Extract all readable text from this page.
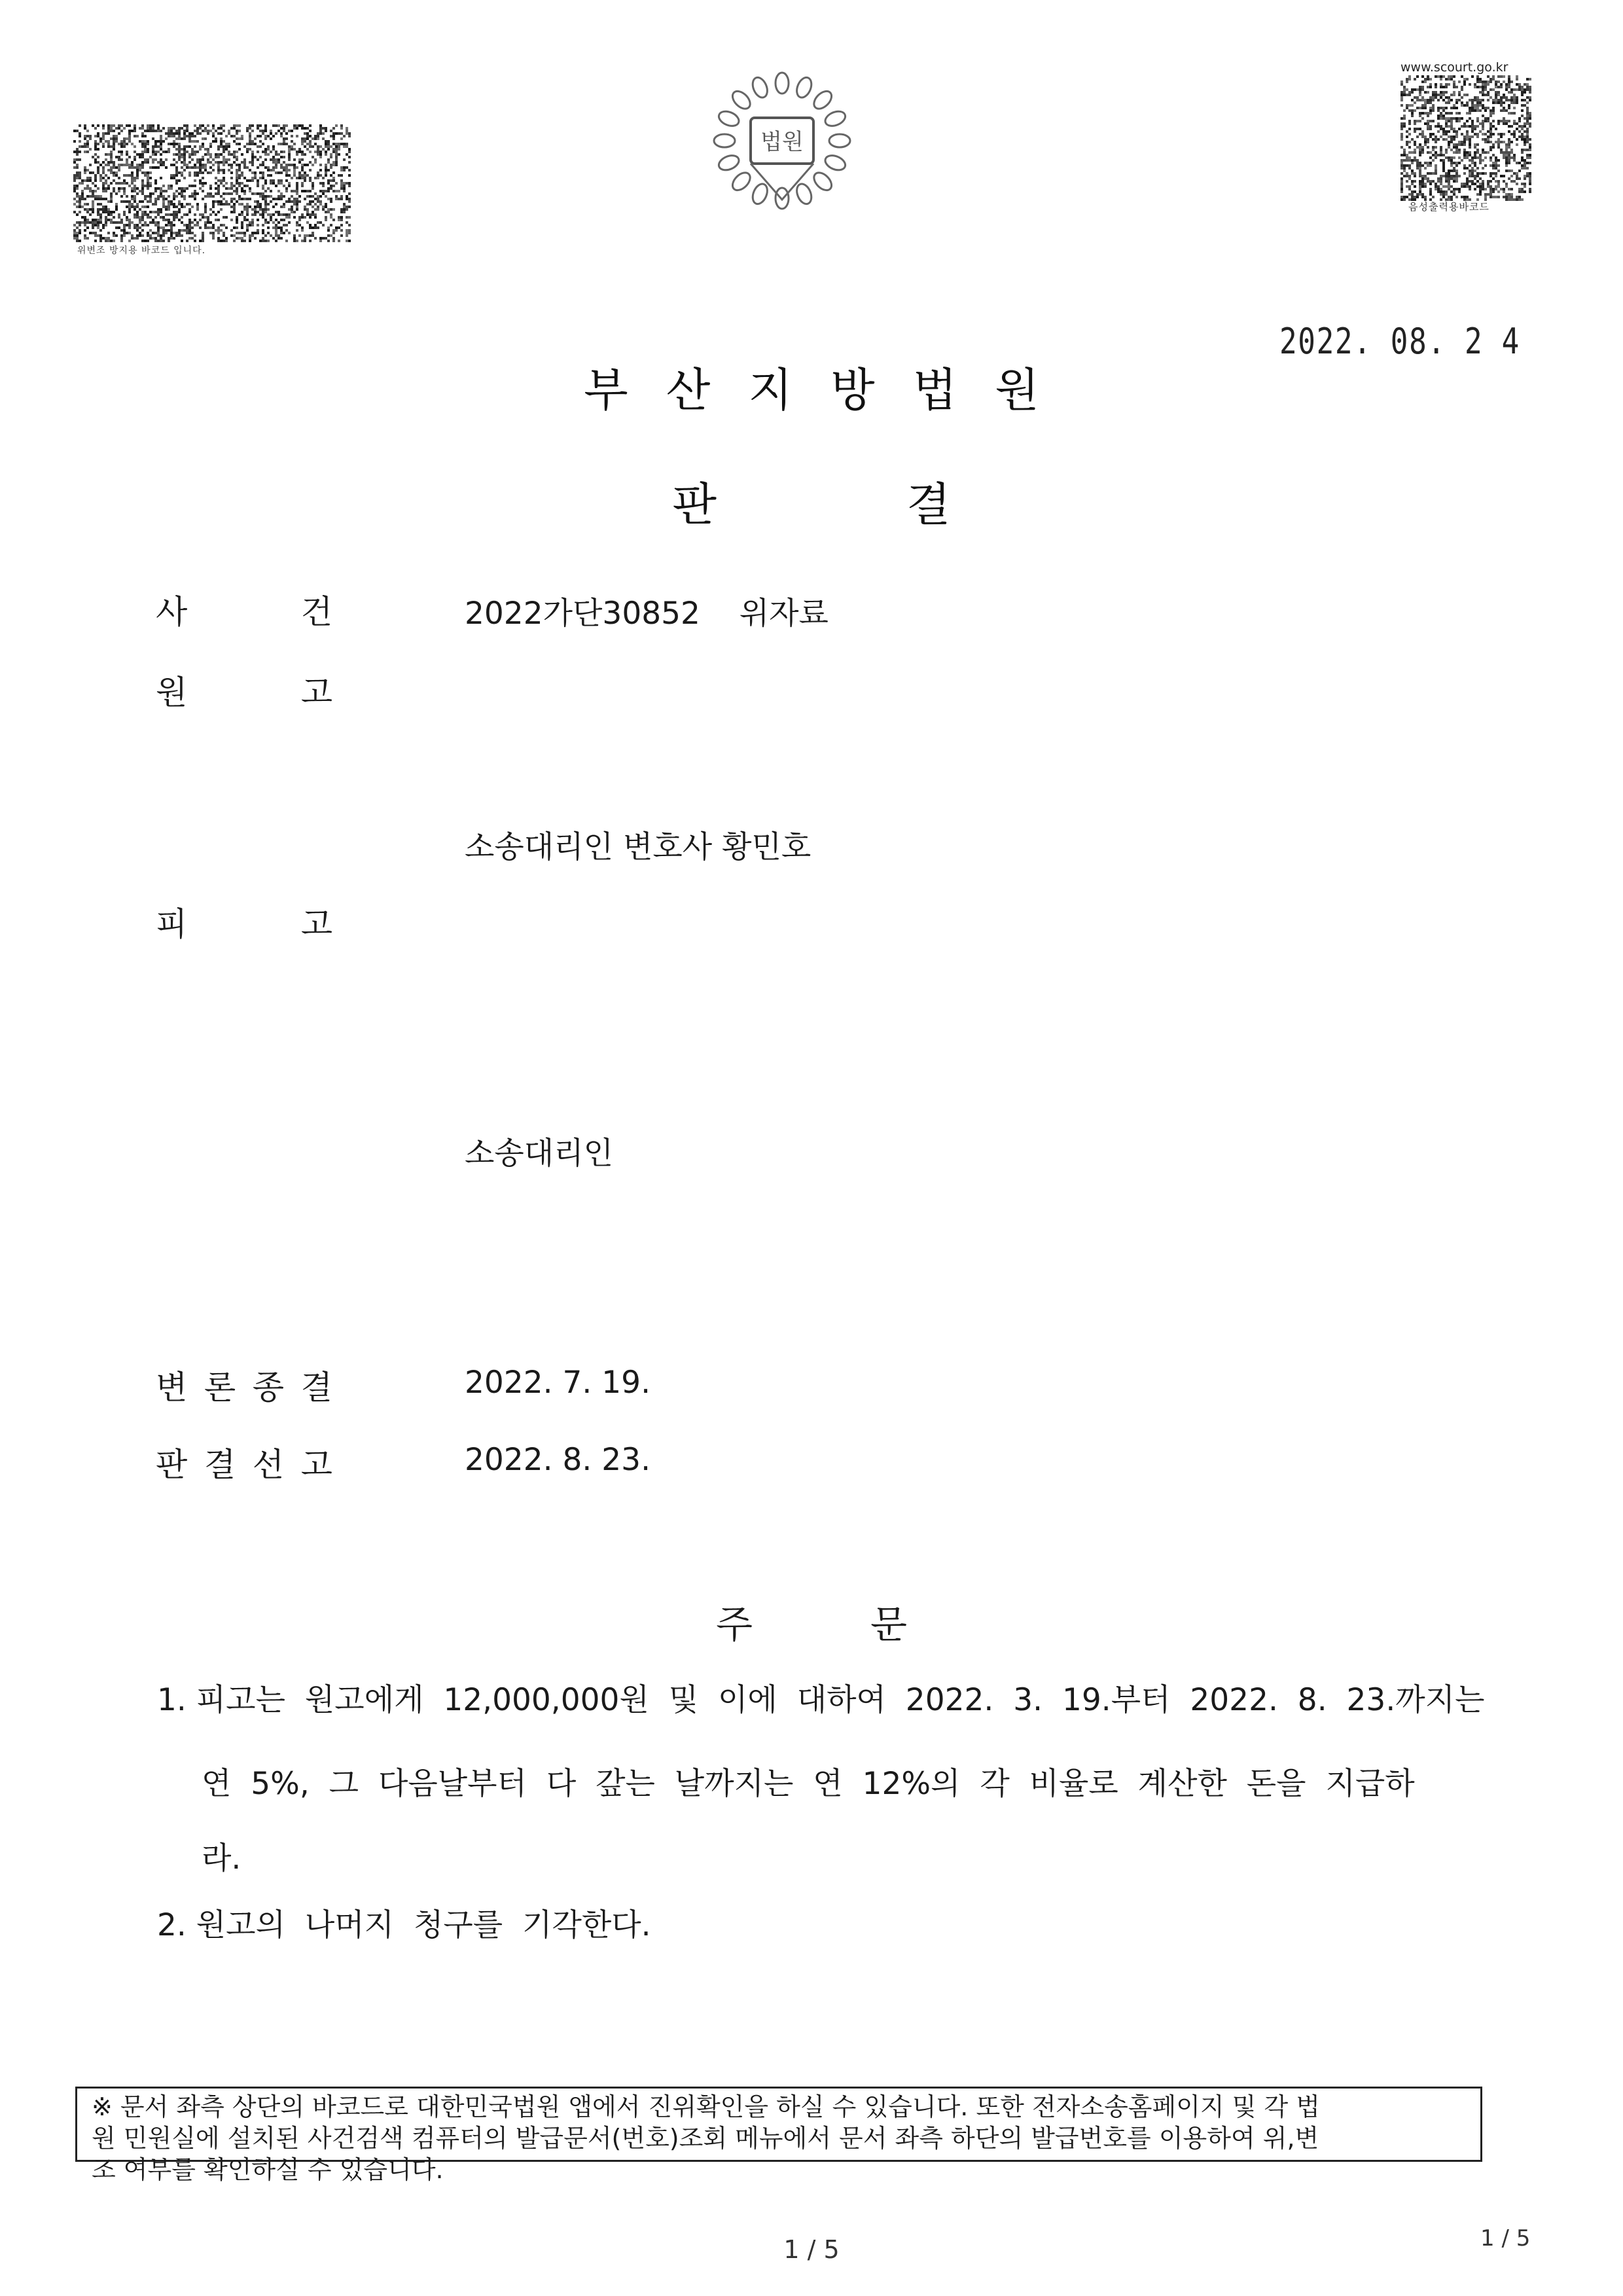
위변조 방지용 바코드 입니다.
법원
www.scourt.go.kr
음성출력용바코드
2022. 08. 2 4
부산지방법원
판	결
사	건	2022가단30852    위자료
원	고
소송대리인 변호사 황민호
피	고
소송대리인
변 론 종 결	2022. 7. 19.
판 결 선 고	2022. 8. 23.
주	문
1. 피고는  원고에게  12,000,000원  및  이에  대하여  2022.  3.  19.부터  2022.  8.  23.까지는
연  5%,  그  다음날부터  다  갚는  날까지는  연  12%의  각  비율로  계산한  돈을  지급하
라.
2. 원고의  나머지  청구를  기각한다.
※ 문서 좌측 상단의 바코드로 대한민국법원 앱에서 진위확인을 하실 수 있습니다. 또한 전자소송홈페이지 및 각 법
원 민원실에 설치된 사건검색 컴퓨터의 발급문서(번호)조회 메뉴에서 문서 좌측 하단의 발급번호를 이용하여 위,변
조 여부를 확인하실 수 있습니다.
1 / 5	1 / 5
